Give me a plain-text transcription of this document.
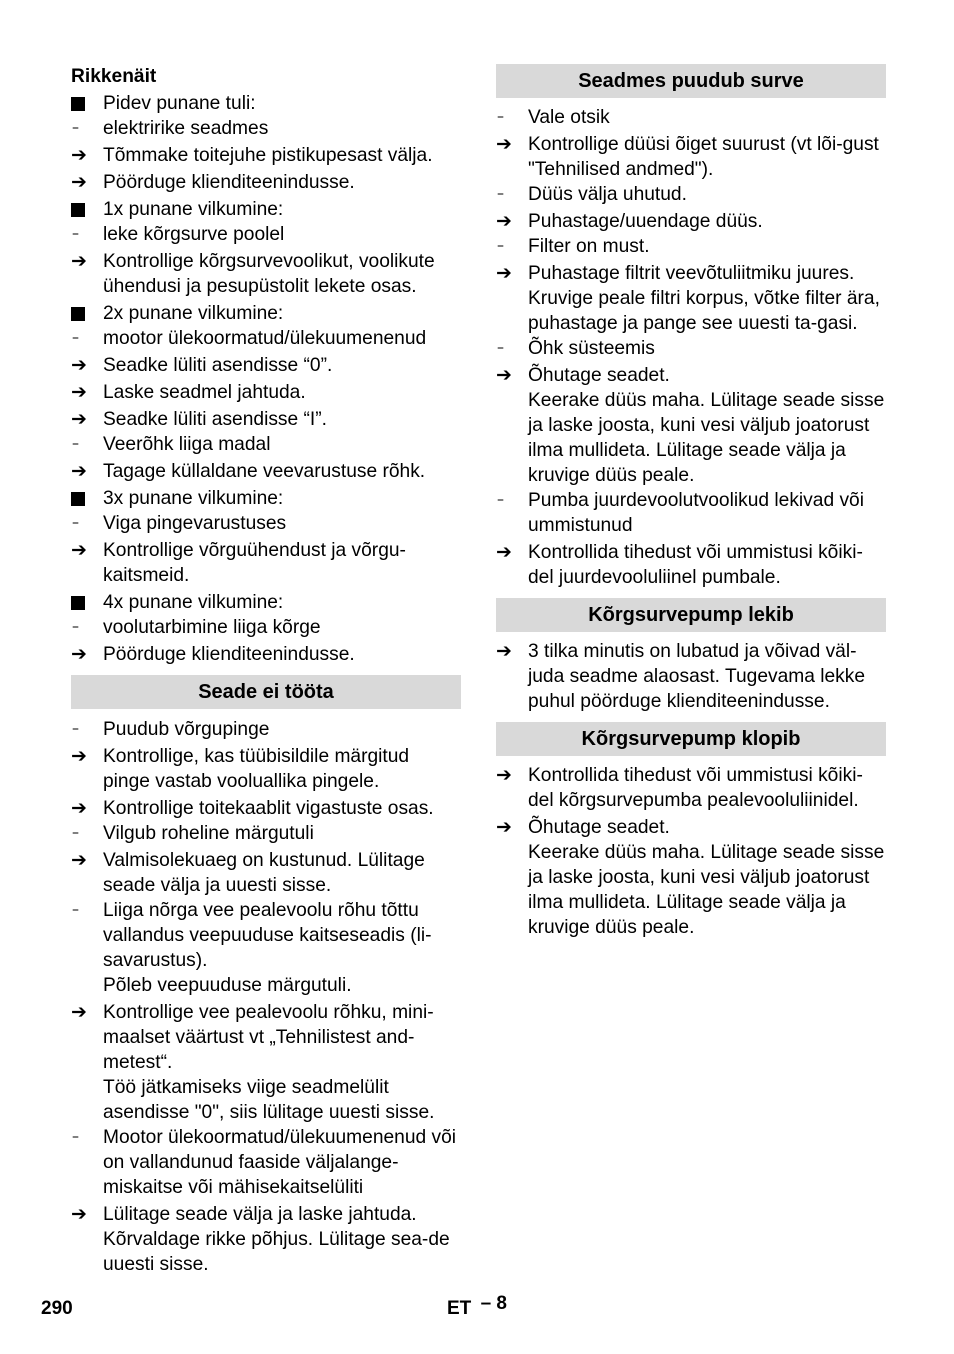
Rikkenäit

Pidev punane tuli:
–	elektririke seadmes
➔ Tõmmake toitejuhe pistikupesast välja.
➔ Pöörduge klienditeenindusse.
1x punane vilkumine:
–	leke kõrgsurve poolel
➔ Kontrollige kõrgsurvevoolikut, voolikute ühendusi ja pesupüstolit lekete osas.
2x punane vilkumine:
–	mootor ülekoormatud/ülekuumenenud
➔ Seadke lüliti asendisse “0”.
➔ Laske seadmel jahtuda.
➔ Seadke lüliti asendisse “I”.
–	Veerõhk liiga madal
➔ Tagage küllaldane veevarustuse rõhk.
3x punane vilkumine:
–	Viga pingevarustuses
➔ Kontrollige võrguühendust ja võrgu-kaitsmeid.
4x punane vilkumine:
–	voolutarbimine liiga kõrge
➔ Pöörduge klienditeenindusse.
Seade ei tööta
–	Puudub võrgupinge
➔ Kontrollige, kas tüübisildile märgitud pinge vastab vooluallika pingele.
➔ Kontrollige toitekaablit vigastuste osas.
–	Vilgub roheline märgutuli
➔ Valmisolekuaeg on kustunud. Lülitage seade välja ja uuesti sisse.
–	Liiga nõrga vee pealevoolu rõhu tõttu vallandus veepuuduse kaitseseadis (li-savarustus).
Põleb veepuuduse märgutuli.
➔ Kontrollige vee pealevoolu rõhku, mini-maalset väärtust vt „Tehnilistest and-metest“.
Töö jätkamiseks viige seadmelülit asendisse "0", siis lülitage uuesti sisse.
–	Mootor ülekoormatud/ülekuumenenud või on vallandunud faaside väljalange-miskaitse või mähisekaitselüliti
➔ Lülitage seade välja ja laske jahtuda. Kõrvaldage rikke põhjus. Lülitage sea-de uuesti sisse.
Seadmes puudub surve
–	Vale otsik
➔ Kontrollige düüsi õiget suurust (vt lõi-gust "Tehnilised andmed").
–	Düüs välja uhutud.
➔ Puhastage/uuendage düüs.
–	Filter on must.
➔ Puhastage filtrit veevõtuliitmiku juures.
Kruvige peale filtri korpus, võtke filter ära, puhastage ja pange see uuesti ta-gasi.
–	Õhk süsteemis
➔ Õhutage seadet.
Keerake düüs maha. Lülitage seade sisse ja laske joosta, kuni vesi väljub joatorust ilma mullideta. Lülitage seade välja ja kruvige düüs peale.
–	Pumba juurdevoolutvoolikud lekivad või ummistunud
➔ Kontrollida tihedust või ummistusi kõiki-del juurdevooluliinel pumbale.
Kõrgsurvepump lekib
➔ 3 tilka minutis on lubatud ja võivad väl-juda seadme alaosast. Tugevama lekke puhul pöörduge klienditeenindusse.
Kõrgsurvepump klopib
➔ Kontrollida tihedust või ummistusi kõiki-del kõrgsurvepumba pealevooluliinidel.
➔ Õhutage seadet.
Keerake düüs maha. Lülitage seade sisse ja laske joosta, kuni vesi väljub joatorust ilma mullideta. Lülitage seade välja ja kruvige düüs peale.
290	ET – 8
